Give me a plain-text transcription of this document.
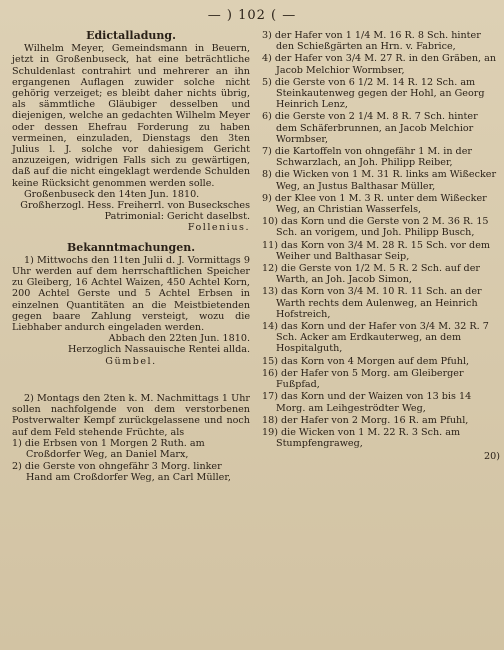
— ) 102 ( —

Edictalladung.

Wilhelm Meyer, Gemeindsmann in Beuern, jetzt in Großenbuseck, hat eine beträchtliche Schuldenlast contrahirt und mehrerer an ihn ergangenen Auflagen zuwider solche nicht gehörig verzeiget; es bleibt daher nichts übrig, als sämmtliche Gläubiger desselben und diejenigen, welche an gedachten Wilhelm Meyer oder dessen Ehefrau Forderung zu haben vermeinen, einzuladen, Dienstags den 3ten Julius l. J. solche vor dahiesigem Gericht anzuzeigen, widrigen Falls sich zu gewärtigen, daß auf die nicht eingeklagt werdende Schulden keine Rücksicht genommen werden solle.

Großenbuseck den 14ten Jun. 1810.

Großherzogl. Hess. Freiherrl. von Busecksches Patrimonial: Gericht daselbst.

Follenius.

Bekanntmachungen.

1) Mittwochs den 11ten Julii d. J. Vormittags 9 Uhr werden auf dem herrschaftlichen Speicher zu Gleiberg, 16 Achtel Waizen, 450 Achtel Korn, 200 Achtel Gerste und 5 Achtel Erbsen in einzelnen Quantitäten an die Meistbietenden gegen baare Zahlung versteigt, wozu die Liebhaber andurch eingeladen werden.

Abbach den 22ten Jun. 1810.

Herzoglich Nassauische Rentei allda.

Gümbel.

2) Montags den 2ten k. M. Nachmittags 1 Uhr sollen nachfolgende von dem verstorbenen Postverwalter Kempf zurückgelassene und noch auf dem Feld stehende Früchte, als

1) die Erbsen von 1 Morgen 2 Ruth. am Croßdorfer Weg, an Daniel Marx,

2) die Gerste von ohngefähr 3 Morg. linker Hand am Croßdorfer Weg, an Carl Müller,

3) der Hafer von 1 1/4 M. 16 R. 8 Sch. hinter den Schießgärten an Hrn. v. Fabrice,

4) der Hafer von 3/4 M. 27 R. in den Gräben, an Jacob Melchior Wormbser,

5) die Gerste von 6 1/2 M. 14 R. 12 Sch. am Steinkautenweg gegen der Hohl, an Georg Heinrich Lenz,

6) die Gerste von 2 1/4 M. 8 R. 7 Sch. hinter dem Schäferbrunnen, an Jacob Melchior Wormbser,

7) die Kartoffeln von ohngefähr 1 M. in der Schwarzlach, an Joh. Philipp Reiber,

8) die Wicken von 1 M. 31 R. links am Wißecker Weg, an Justus Balthasar Müller,

9) der Klee von 1 M. 3 R. unter dem Wißecker Weg, an Christian Wasserfels,

10) das Korn und die Gerste von 2 M. 36 R. 15 Sch. an vorigem, und Joh. Philipp Busch,

11) das Korn von 3/4 M. 28 R. 15 Sch. vor dem Weiher und Balthasar Seip,

12) die Gerste von 1/2 M. 5 R. 2 Sch. auf der Warth, an Joh. Jacob Simon,

13) das Korn von 3/4 M. 10 R. 11 Sch. an der Warth rechts dem Aulenweg, an Heinrich Hofstreich,

14) das Korn und der Hafer von 3/4 M. 32 R. 7 Sch. Acker am Erdkauterweg, an dem Hospitalguth,

15) das Korn von 4 Morgen auf dem Pfuhl,

16) der Hafer von 5 Morg. am Gleiberger Fußpfad,

17) das Korn und der Waizen von 13 bis 14 Morg. am Leihgeströdter Weg,

18) der Hafer von 2 Morg. 16 R. am Pfuhl,

19) die Wicken von 1 M. 22 R. 3 Sch. am Stumpfengraweg,

20)
